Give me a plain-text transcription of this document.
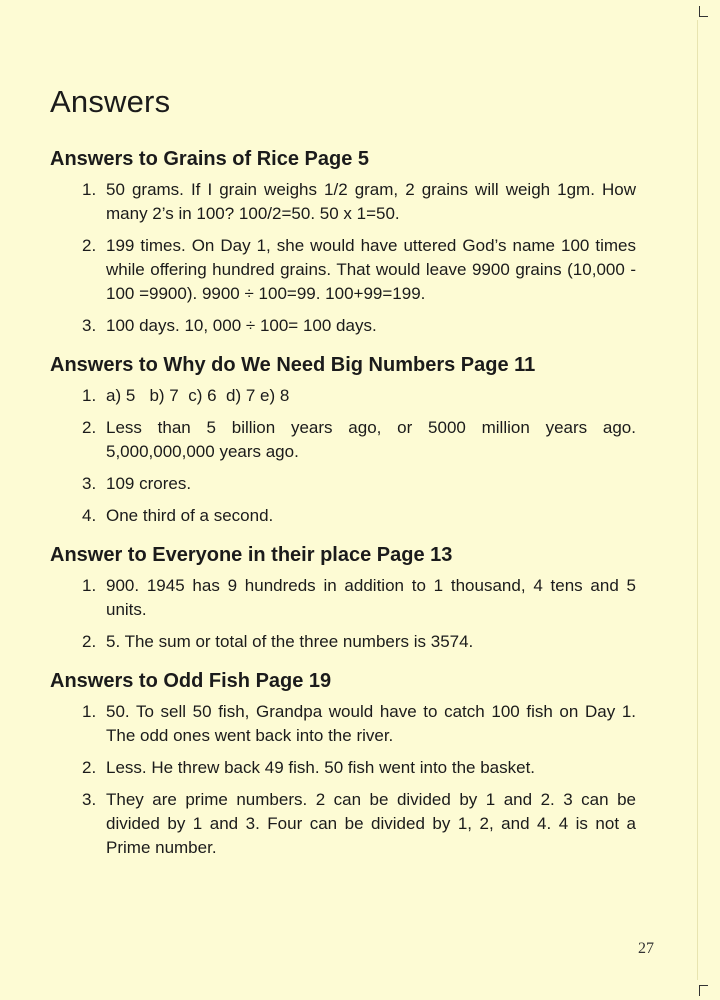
Answers
Answers to Grains of Rice Page 5
1. 50 grams. If I grain weighs 1/2 gram, 2 grains will weigh 1gm. How many 2’s in 100? 100/2=50. 50 x 1=50.
2. 199 times. On Day 1, she would have uttered God’s name 100 times while offering hundred grains. That would leave 9900 grains (10,000 - 100 =9900). 9900 ÷ 100=99. 100+99=199.
3. 100 days. 10, 000 ÷ 100= 100 days.
Answers to Why do We Need Big Numbers Page 11
1. a) 5   b) 7  c) 6  d) 7 e) 8
2. Less than 5 billion years ago, or 5000 million years ago. 5,000,000,000 years ago.
3. 109 crores.
4. One third of a second.
Answer to Everyone in their place Page 13
1. 900. 1945 has 9 hundreds in addition to 1 thousand, 4 tens and 5 units.
2. 5. The sum or total of the three numbers is 3574.
Answers to Odd Fish Page 19
1. 50. To sell 50 fish, Grandpa would have to catch 100 fish on Day 1. The odd ones went back into the river.
2. Less. He threw back 49 fish. 50 fish went into the basket.
3. They are prime numbers. 2 can be divided by 1 and 2. 3 can be divided by 1 and 3. Four can be divided by 1, 2, and 4. 4 is not a Prime number.
27
